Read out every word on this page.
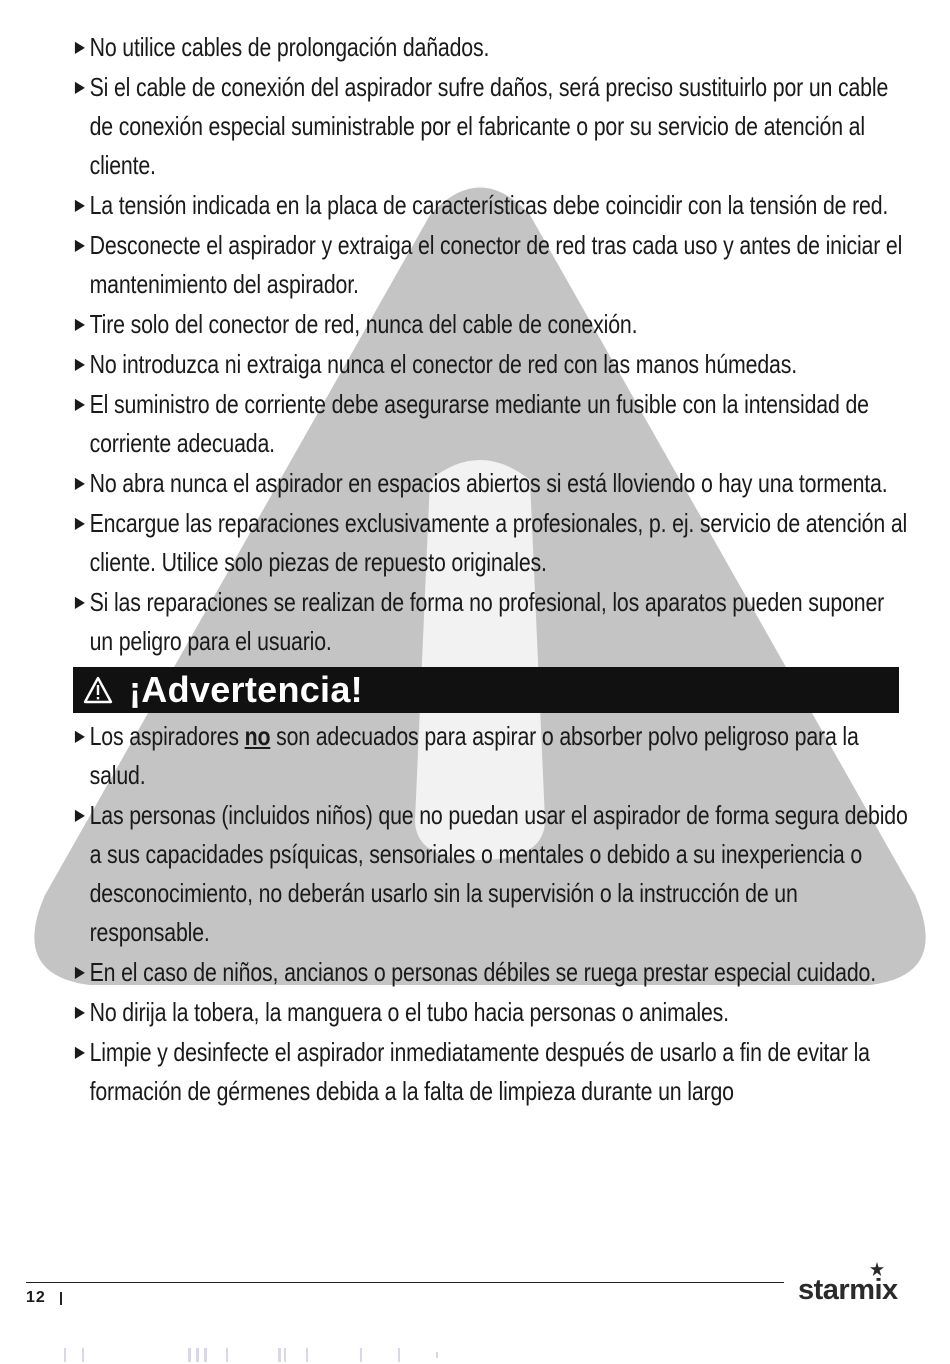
▶ No utilice cables de prolongación dañados.
▶ Si el cable de conexión del aspirador sufre daños, será preciso sustituirlo por un cable de conexión especial suministrable por el fabricante o por su servicio de atención al cliente.
▶ La tensión indicada en la placa de características debe coincidir con la tensión de red.
▶ Desconecte el aspirador y extraiga el conector de red tras cada uso y antes de iniciar el mantenimiento del aspirador.
▶ Tire solo del conector de red, nunca del cable de conexión.
▶ No introduzca ni extraiga nunca el conector de red con las manos húmedas.
▶ El suministro de corriente debe asegurarse mediante un fusible con la intensidad de corriente adecuada.
▶ No abra nunca el aspirador en espacios abiertos si está lloviendo o hay una tormenta.
▶ Encargue las reparaciones exclusivamente a profesionales, p. ej. servicio de atención al cliente. Utilice solo piezas de repuesto originales.
▶ Si las reparaciones se realizan de forma no profesional, los aparatos pueden suponer un peligro para el usuario.
¡Advertencia!
▶ Los aspiradores no son adecuados para aspirar o absorber polvo peligroso para la salud.
▶ Las personas (incluidos niños) que no puedan usar el aspirador de forma segura debido a sus capacidades psíquicas, sensoriales o mentales o debido a su inexperiencia o desconocimiento, no deberán usarlo sin la supervisión o la instrucción de un responsable.
▶ En el caso de niños, ancianos o personas débiles se ruega prestar especial cuidado.
▶ No dirija la tobera, la manguera o el tubo hacia personas o animales.
▶ Limpie y desinfecte el aspirador inmediatamente después de usarlo a fin de evitar la formación de gérmenes debida a la falta de limpieza durante un largo
12	starmix
